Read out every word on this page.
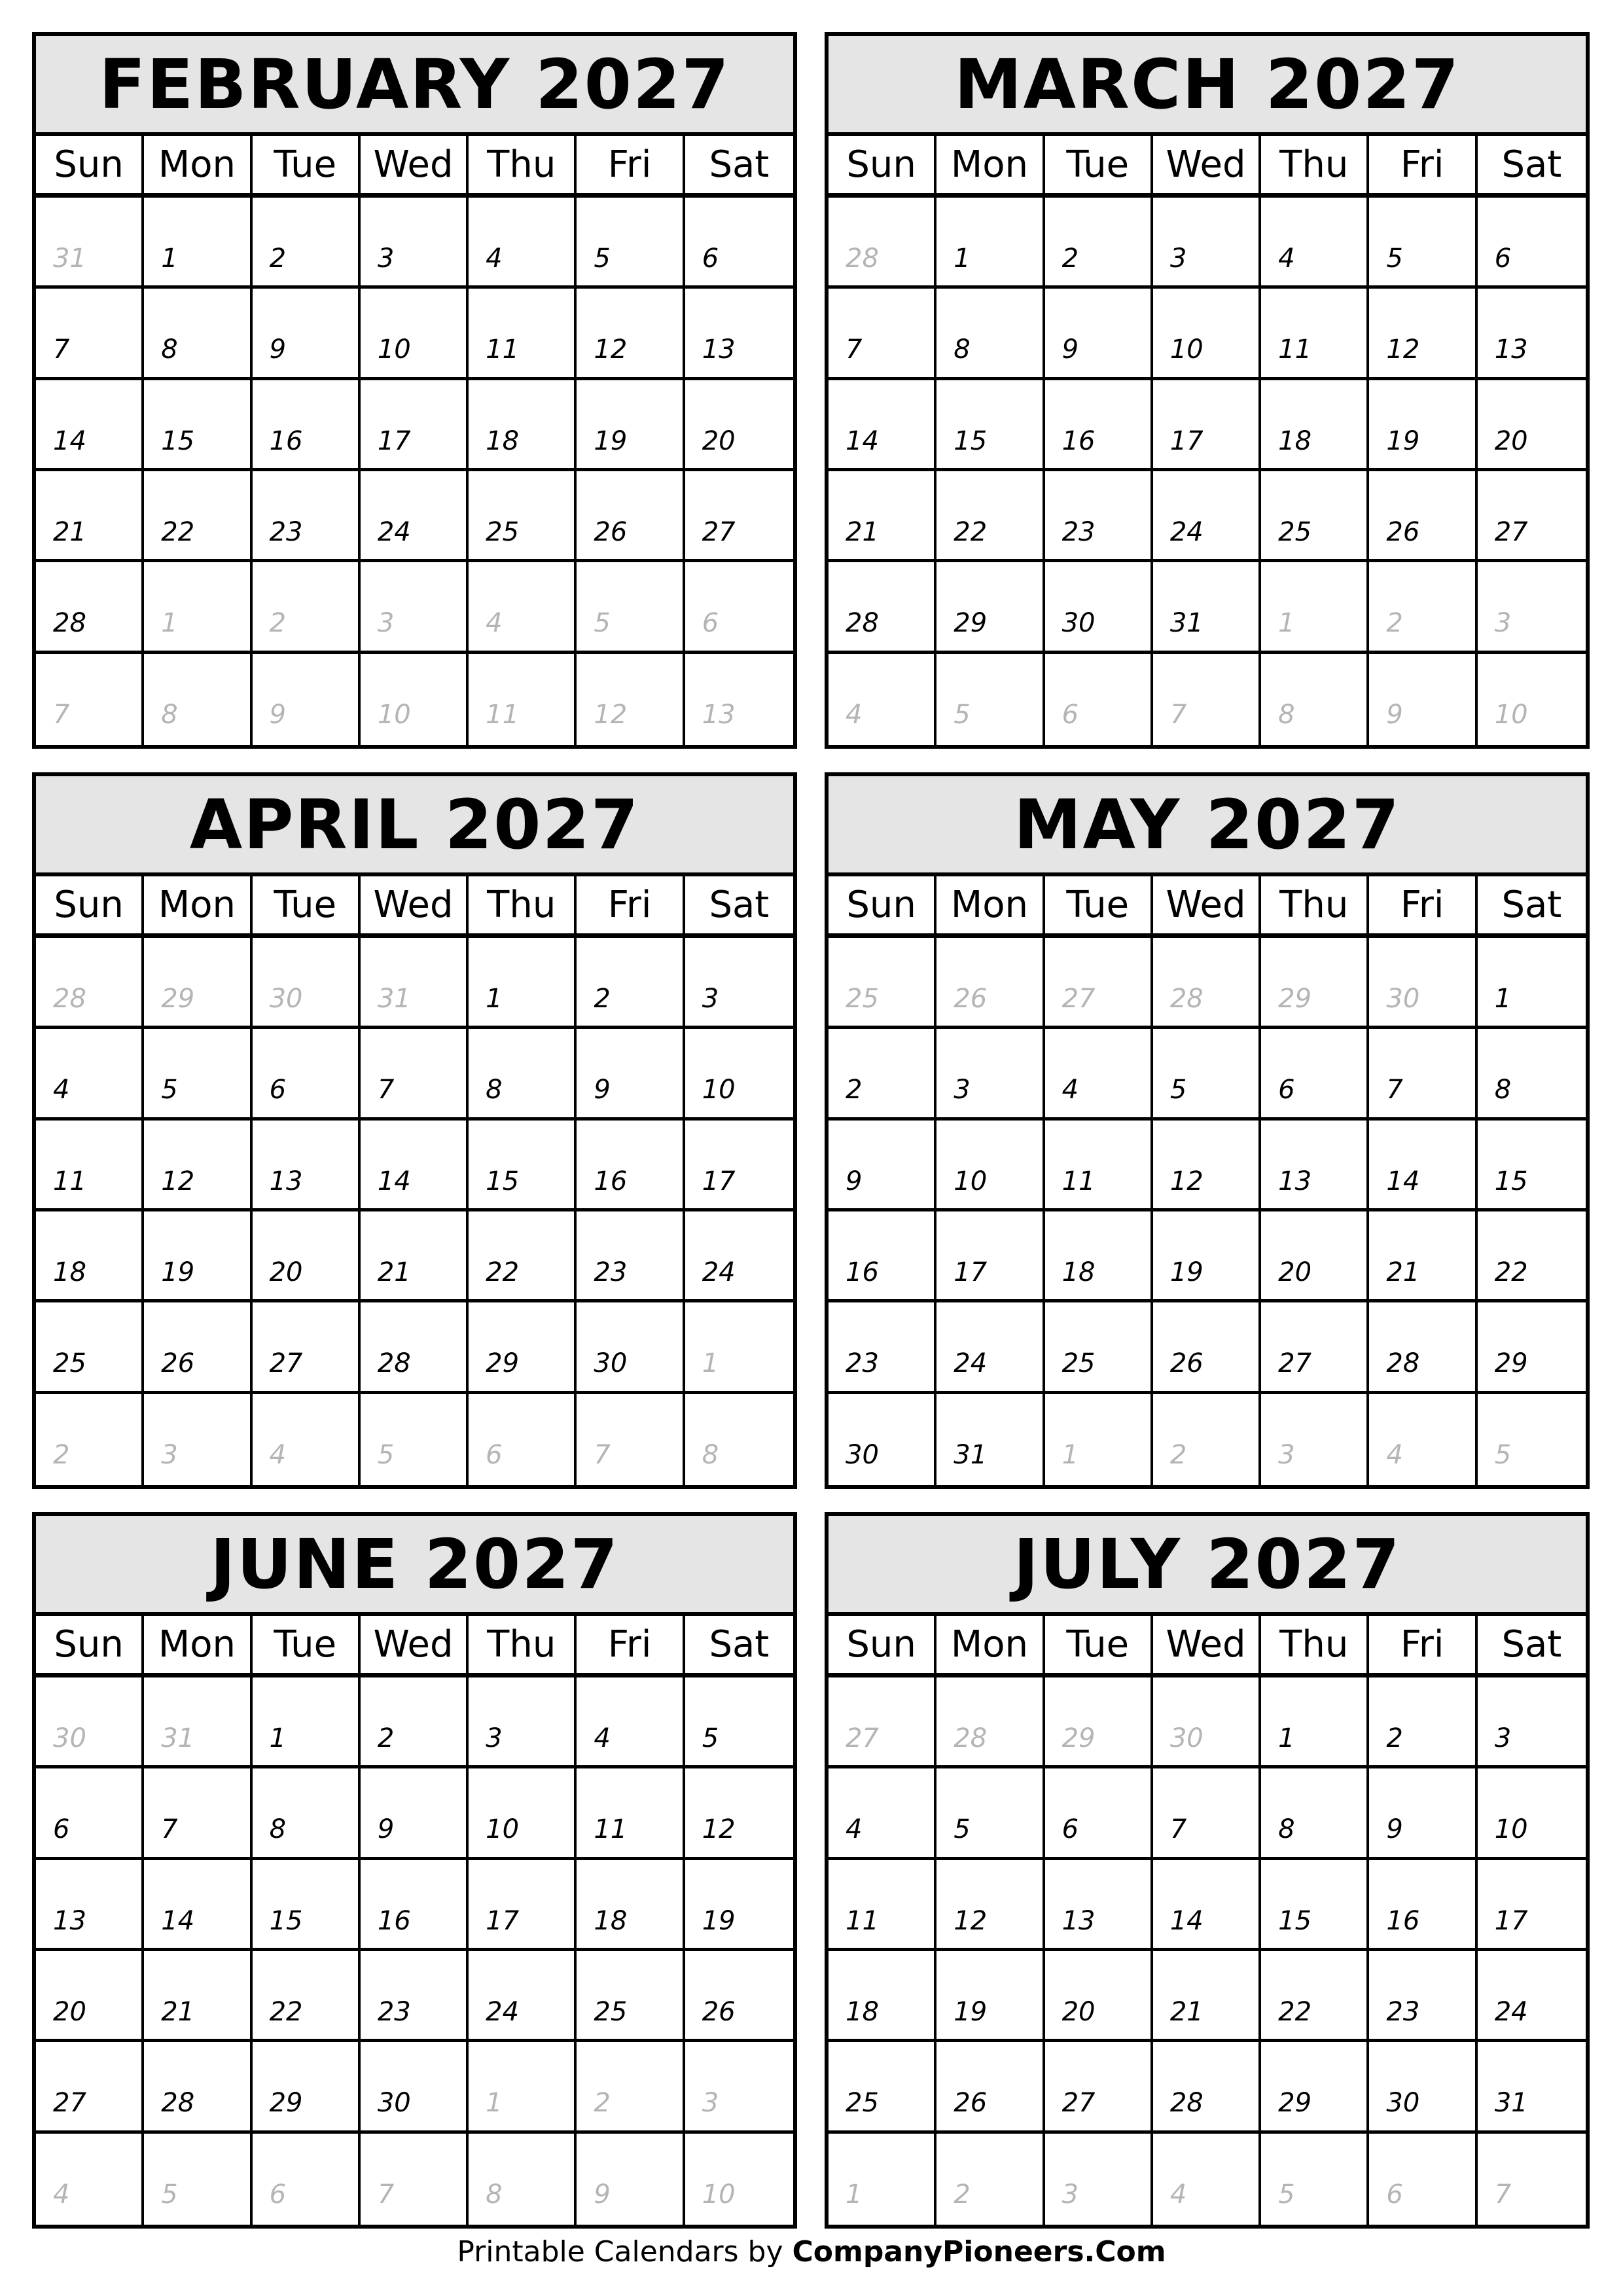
FEBRUARY 2027
Sun Mon	Tue	Wed Thu	Fri	Sat
31	1	2	3	4	5	6
7	8	9	10	11	12	13
14	15	16	17	18	19	20
21	22	23	24	25	26	27
28	1	2	3	4	5	6
7	8	9	10	11	12	13
MARCH 2027
Sun Mon	Tue	Wed Thu	Fri	Sat
28	1	2	3	4	5	6
7	8	9	10	11	12	13
14	15	16	17	18	19	20
21	22	23	24	25	26	27
28	29	30	31	1	2	3
4	5	6	7	8	9	10
APRIL 2027
Sun Mon	Tue	Wed Thu	Fri	Sat
28	29	30	31	1	2	3
4	5	6	7	8	9	10
11	12	13	14	15	16	17
18	19	20	21	22	23	24
25	26	27	28	29	30	1
2	3	4	5	6	7	8
MAY 2027
Sun Mon	Tue	Wed Thu	Fri	Sat
25	26	27	28	29	30	1
2	3	4	5	6	7	8
9	10	11	12	13	14	15
16	17	18	19	20	21	22
23	24	25	26	27	28	29
30	31	1	2	3	4	5
JUNE 2027
Sun Mon	Tue	Wed Thu	Fri	Sat
30	31	1	2	3	4	5
6	7	8	9	10	11	12
13	14	15	16	17	18	19
20	21	22	23	24	25	26
27	28	29	30	1	2	3
4	5	6	7	8	9	10
JULY 2027
Sun Mon	Tue	Wed Thu	Fri	Sat
27	28	29	30	1	2	3
4	5	6	7	8	9	10
11	12	13	14	15	16	17
18	19	20	21	22	23	24
25	26	27	28	29	30	31
1	2	3	4	5	6	7
Printable Calendars by CompanyPioneers.Com
